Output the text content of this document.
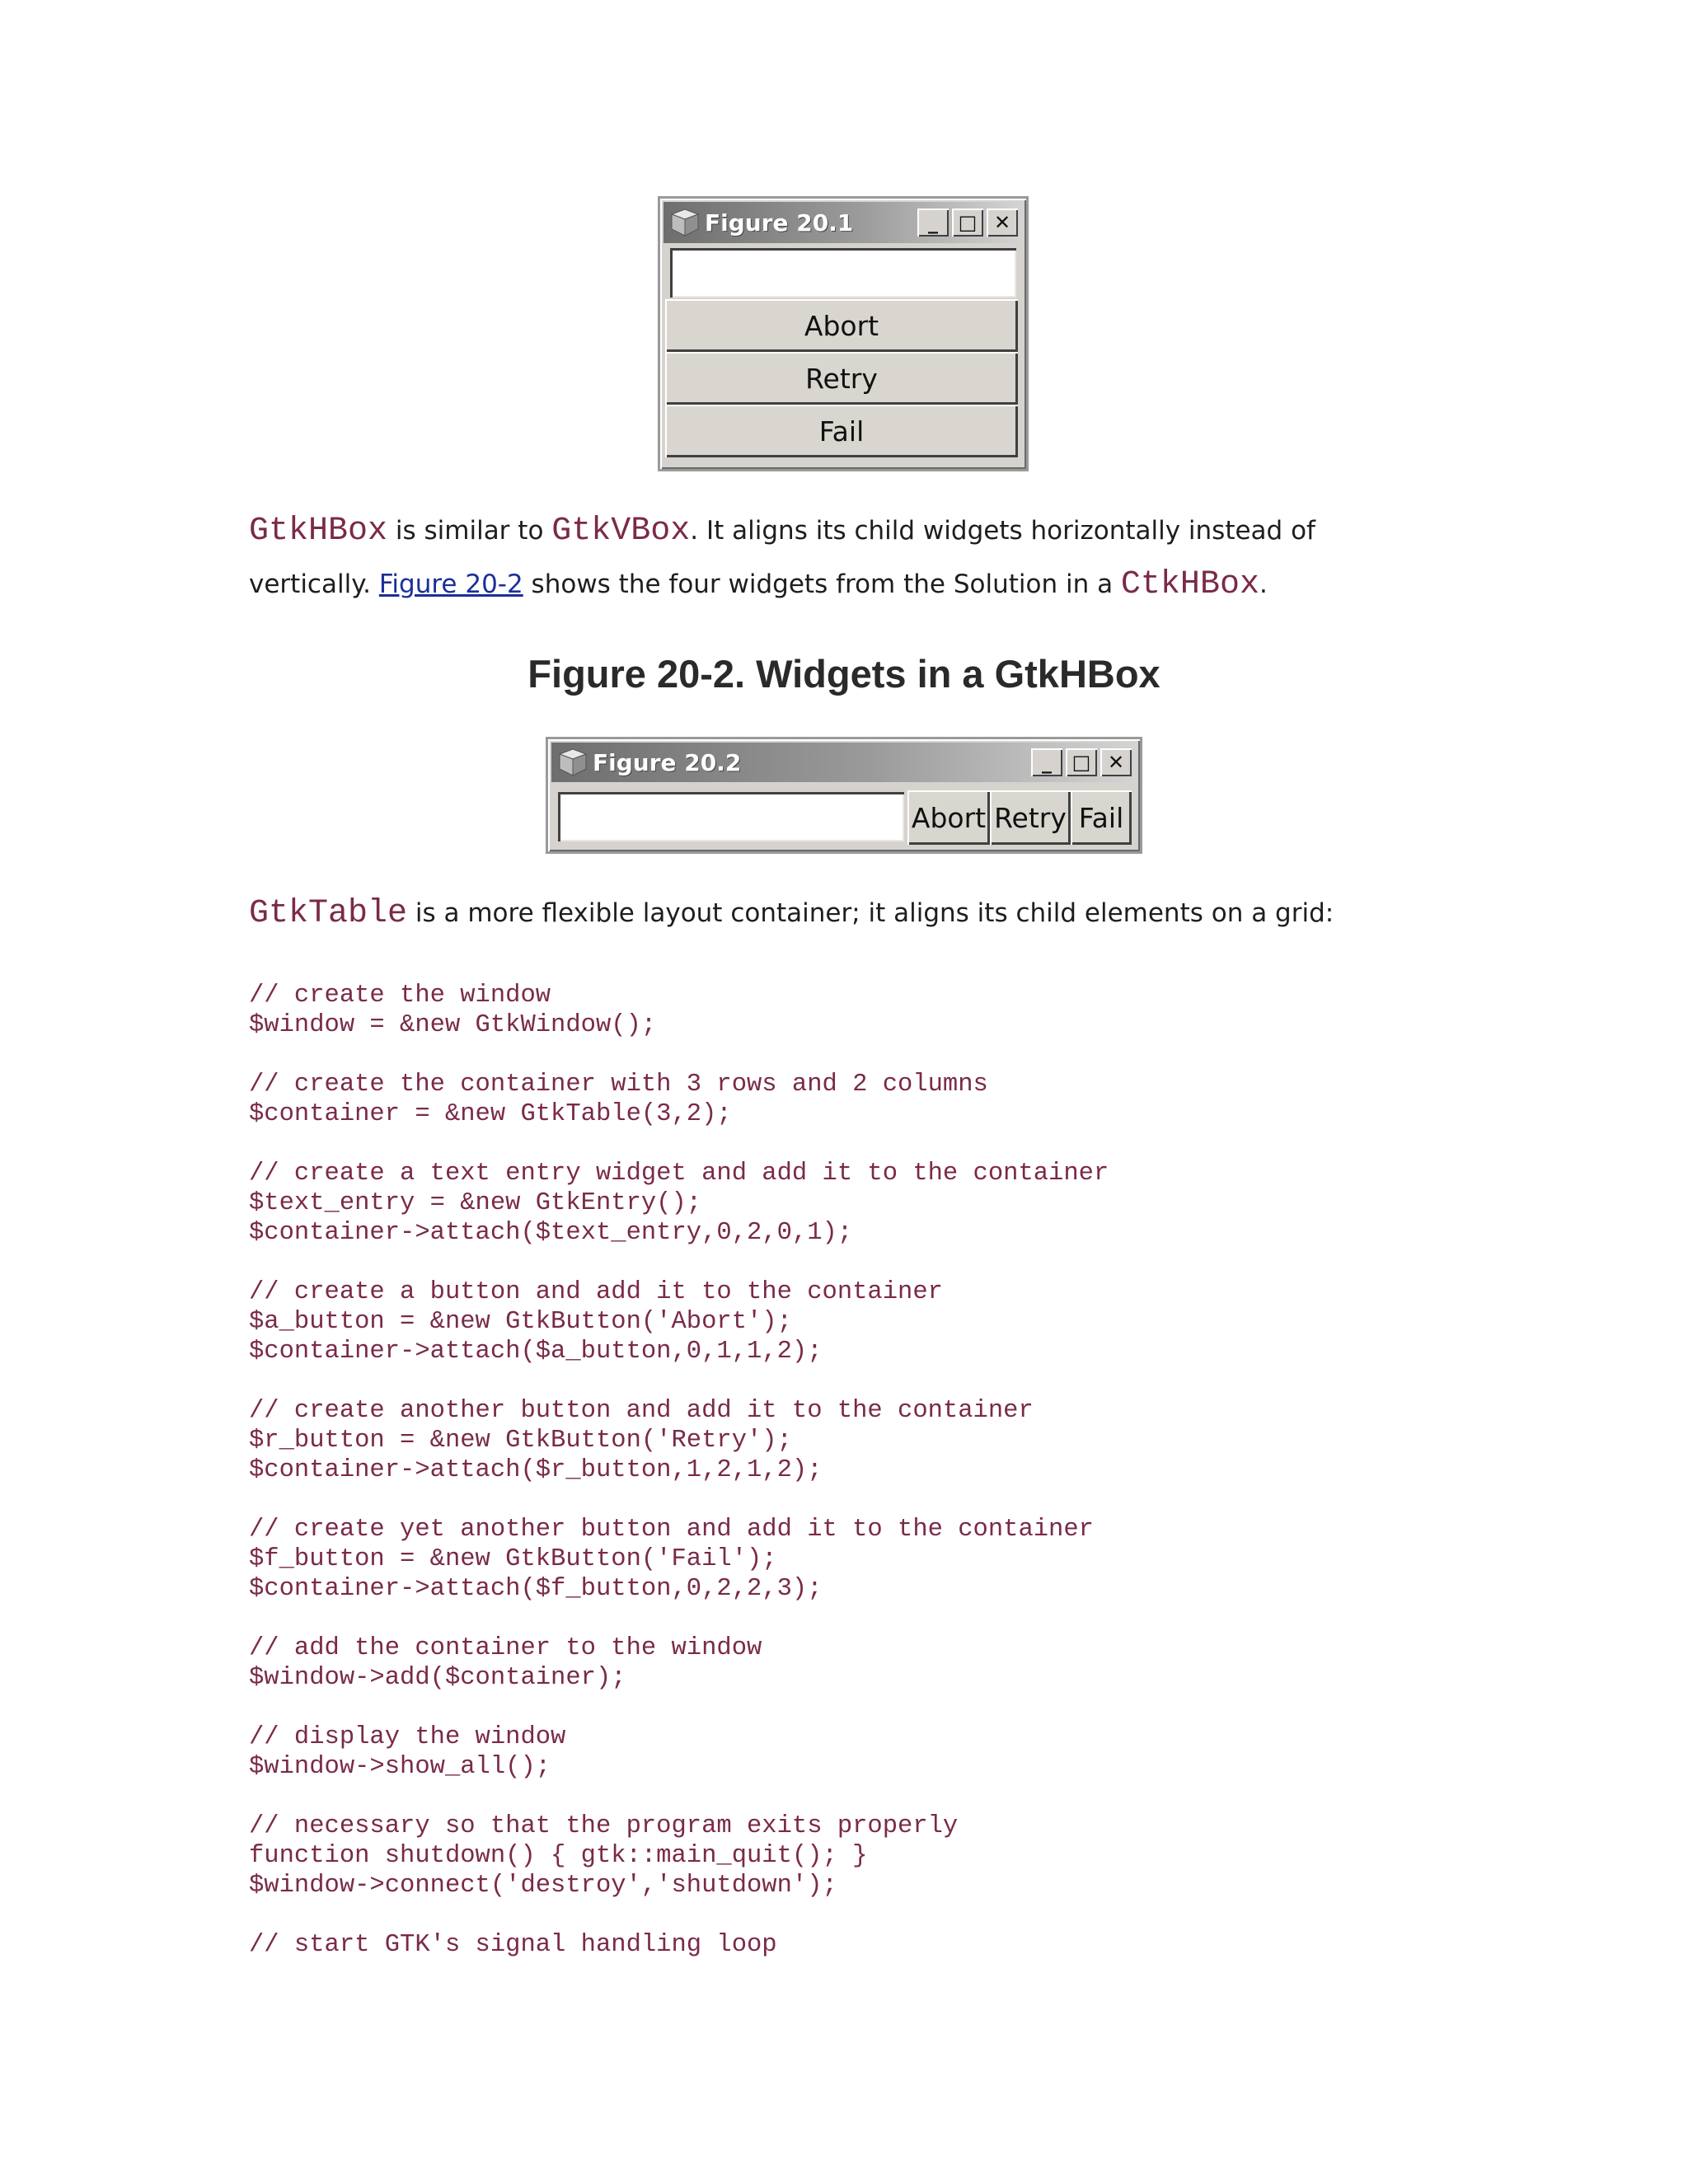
Figure 20.1	_	□ ✕
Abort
Retry
Fail

GtkHBox is similar to GtkVBox. It aligns its child widgets horizontally instead of vertically. Figure 20-2 shows the four widgets from the Solution in a CtkHBox.

Figure 20-2. Widgets in a GtkHBox
Figure 20.2	_	□ ✕
Abort Retry Fail

GtkTable is a more flexible layout container; it aligns its child elements on a grid:

// create the window
$window = &new GtkWindow();
// create the container with 3 rows and 2 columns
$container = &new GtkTable(3,2);
// create a text entry widget and add it to the container
$text_entry = &new GtkEntry();
$container->attach($text_entry,0,2,0,1);
// create a button and add it to the container
$a_button = &new GtkButton('Abort');
$container->attach($a_button,0,1,1,2);
// create another button and add it to the container
$r_button = &new GtkButton('Retry');
$container->attach($r_button,1,2,1,2);
// create yet another button and add it to the container
$f_button = &new GtkButton('Fail');
$container->attach($f_button,0,2,2,3);
// add the container to the window
$window->add($container);
// display the window
$window->show_all();
// necessary so that the program exits properly
function shutdown() { gtk::main_quit(); }
$window->connect('destroy','shutdown');
// start GTK's signal handling loop
